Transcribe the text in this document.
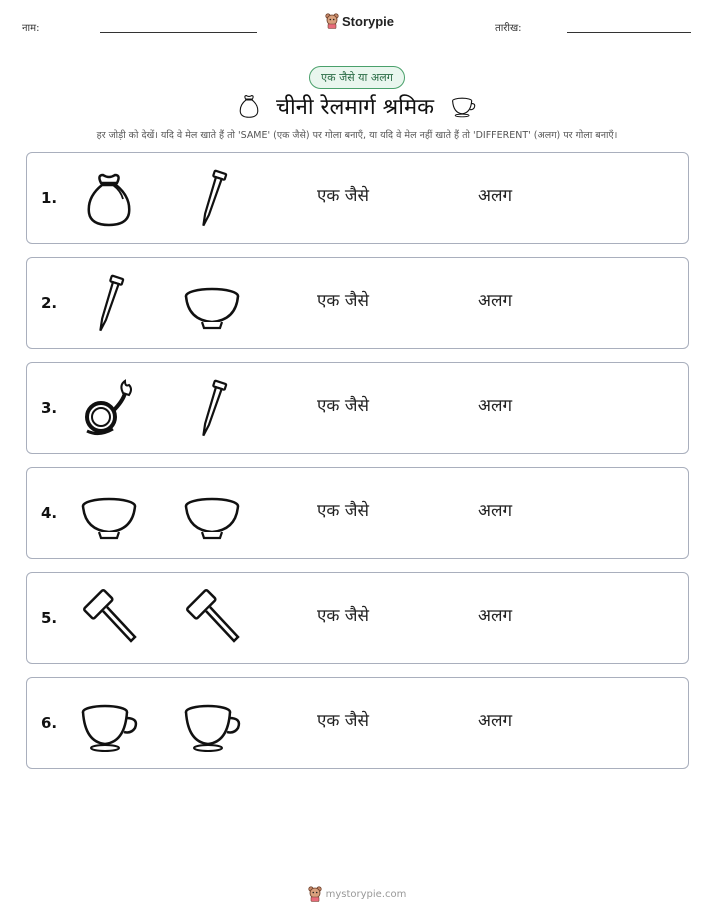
नाम:	Storypie	तारीख:
एक जैसे या अलग
चीनी रेलमार्ग श्रमिक
हर जोड़ी को देखें। यदि वे मेल खाते हैं तो 'SAME' (एक जैसे) पर गोला बनाएँ, या यदि वे मेल नहीं खाते हैं तो 'DIFFERENT' (अलग) पर गोला बनाएँ।
1.	एक जैसे	अलग
2.	एक जैसे	अलग
3.	एक जैसे	अलग
4.	एक जैसे	अलग
5.	एक जैसे	अलग
6.	एक जैसे	अलग
mystorypie.com
